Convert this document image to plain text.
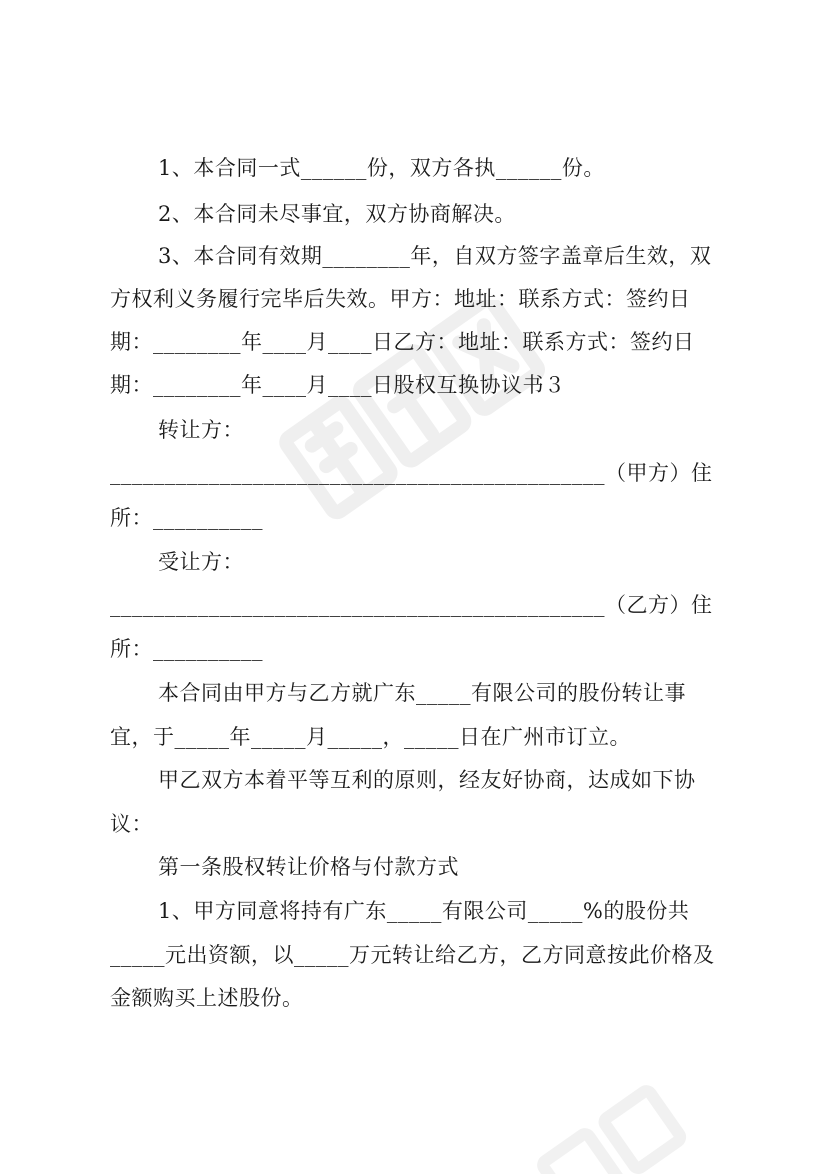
1、本合同一式______份，双方各执______份。
2、本合同未尽事宜，双方协商解决。
3、本合同有效期________年，自双方签字盖章后生效，双
方权利义务履行完毕后失效。甲方：地址：联系方式：签约日
期：________年____月____日乙方：地址：联系方式：签约日
期：________年____月____日股权互换协议书３
转让方：
_____________________________________________（甲方）住
所：__________
受让方：
_____________________________________________（乙方）住
所：__________
本合同由甲方与乙方就广东_____有限公司的股份转让事
宜，于_____年_____月_____，_____日在广州市订立。
甲乙双方本着平等互利的原则，经友好协商，达成如下协
议：
第一条股权转让价格与付款方式
1、甲方同意将持有广东_____有限公司_____%的股份共
_____元出资额，以_____万元转让给乙方，乙方同意按此价格及
金额购买上述股份。
